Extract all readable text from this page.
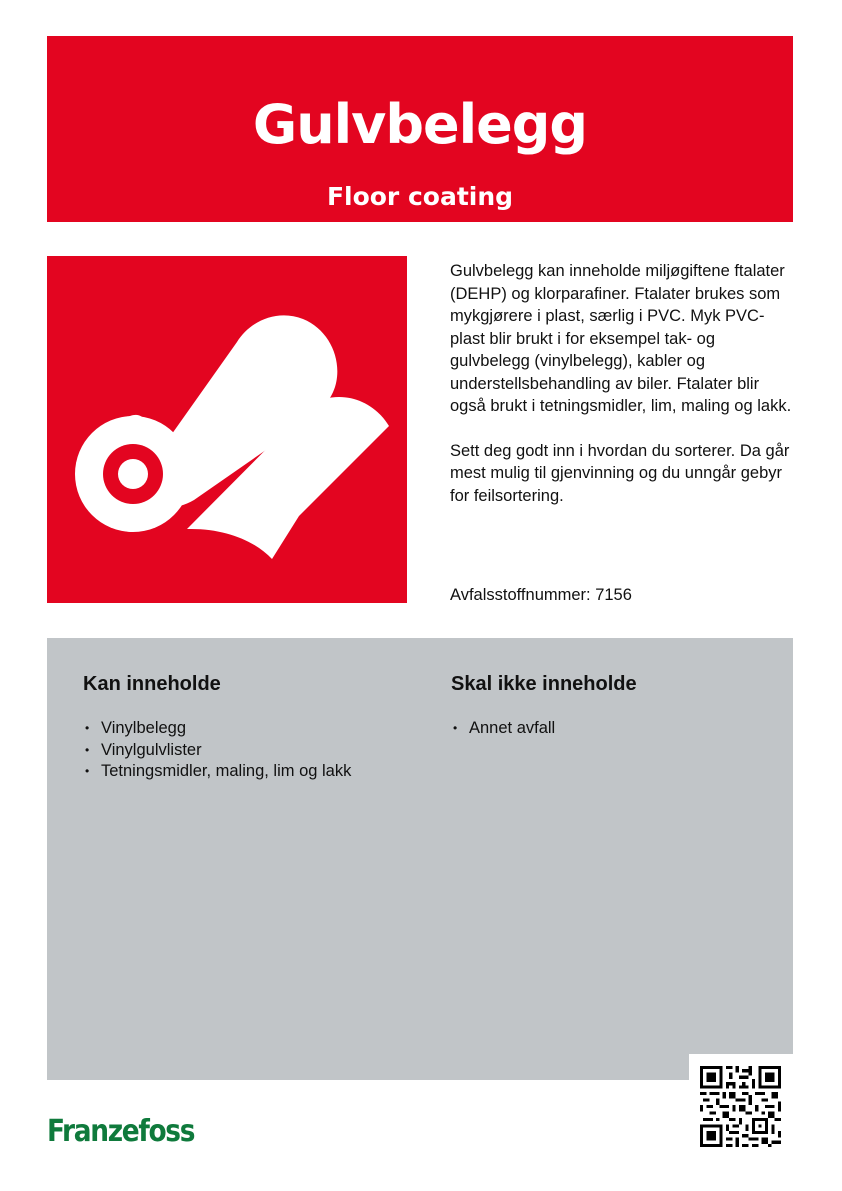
Gulvbelegg
Floor coating

Gulvbelegg kan inneholde miljøgiftene ftalater (DEHP) og klorparafiner. Ftalater brukes som mykgjørere i plast, særlig i PVC. Myk PVC-plast blir brukt i for eksempel tak- og gulvbelegg (vinylbelegg), kabler og understellsbehandling av biler. Ftalater blir også brukt i tetningsmidler, lim, maling og lakk.

Sett deg godt inn i hvordan du sorterer. Da går mest mulig til gjenvinning og du unngår gebyr for feilsortering.

Avfalsstoffnummer: 7156
Kan inneholde
• Vinylbelegg
• Vinylgulvlister
• Tetningsmidler, maling, lim og lakk
Skal ikke inneholde
• Annet avfall
Franzefoss
